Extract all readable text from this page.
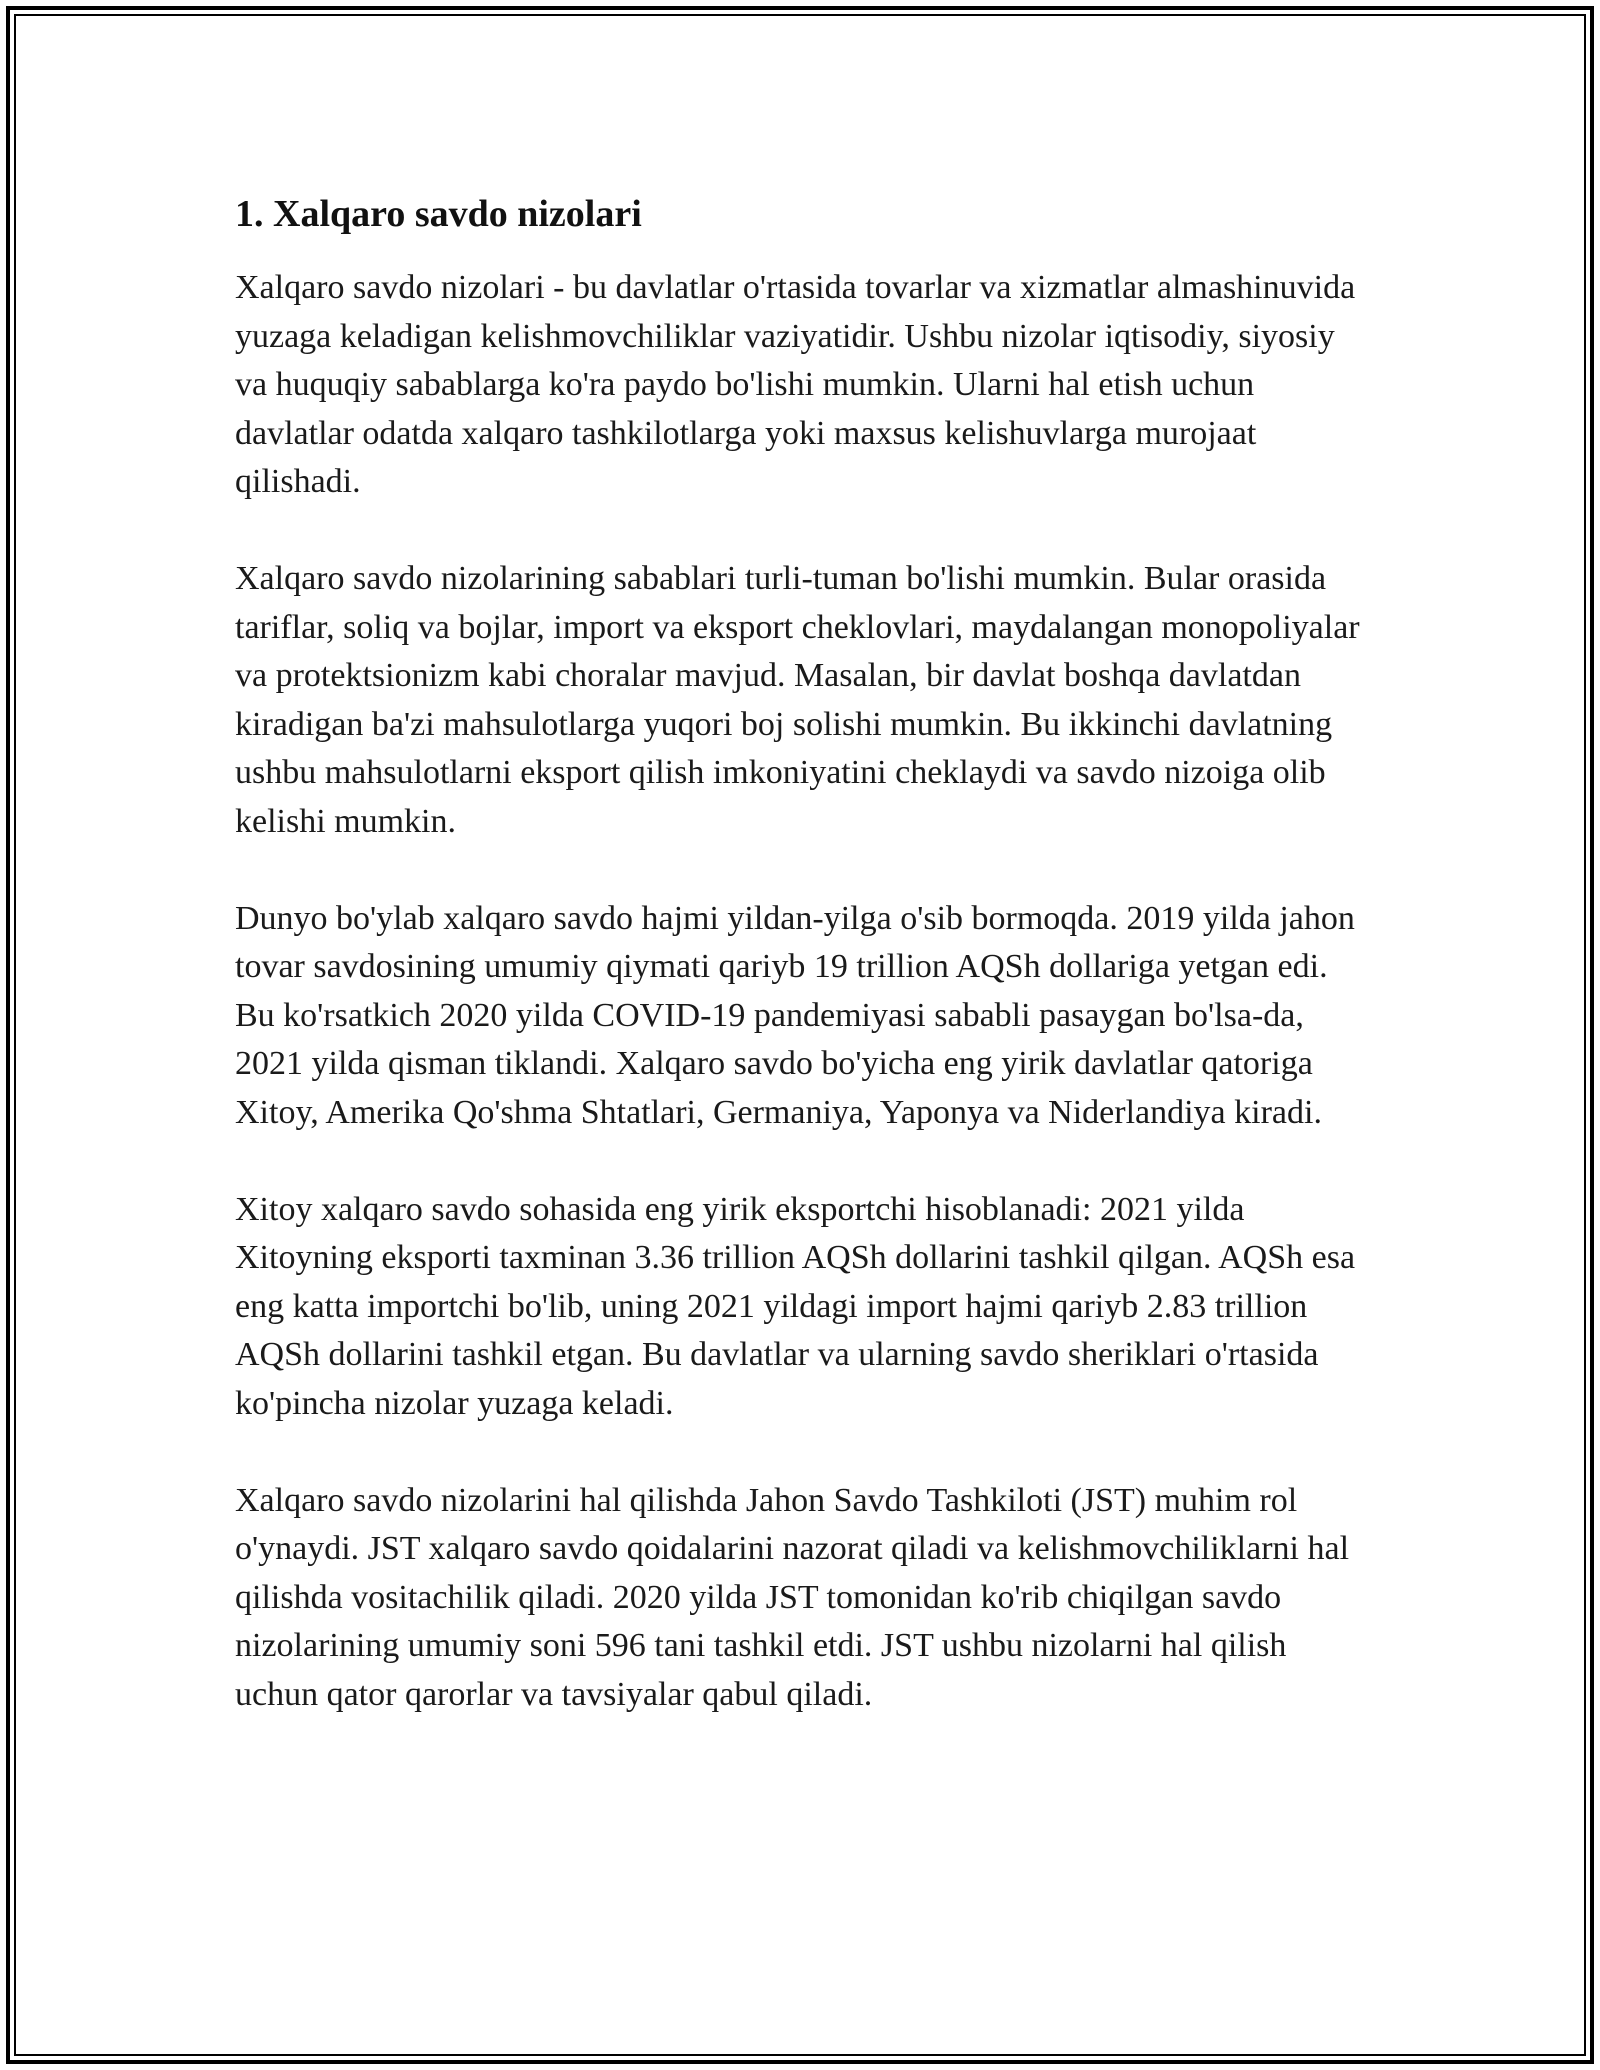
1. Xalqaro savdo nizolari

Xalqaro savdo nizolari - bu davlatlar o'rtasida tovarlar va xizmatlar almashinuvida yuzaga keladigan kelishmovchiliklar vaziyatidir. Ushbu nizolar iqtisodiy, siyosiy va huquqiy sabablarga ko'ra paydo bo'lishi mumkin. Ularni hal etish uchun davlatlar odatda xalqaro tashkilotlarga yoki maxsus kelishuvlarga murojaat qilishadi.

Xalqaro savdo nizolarining sabablari turli-tuman bo'lishi mumkin. Bular orasida tariflar, soliq va bojlar, import va eksport cheklovlari, maydalangan monopoliyalar va protektsionizm kabi choralar mavjud. Masalan, bir davlat boshqa davlatdan kiradigan ba'zi mahsulotlarga yuqori boj solishi mumkin. Bu ikkinchi davlatning ushbu mahsulotlarni eksport qilish imkoniyatini cheklaydi va savdo nizoiga olib kelishi mumkin.

Dunyo bo'ylab xalqaro savdo hajmi yildan-yilga o'sib bormoqda. 2019 yilda jahon tovar savdosining umumiy qiymati qariyb 19 trillion AQSh dollariga yetgan edi. Bu ko'rsatkich 2020 yilda COVID-19 pandemiyasi sababli pasaygan bo'lsa-da, 2021 yilda qisman tiklandi. Xalqaro savdo bo'yicha eng yirik davlatlar qatoriga Xitoy, Amerika Qo'shma Shtatlari, Germaniya, Yaponya va Niderlandiya kiradi.

Xitoy xalqaro savdo sohasida eng yirik eksportchi hisoblanadi: 2021 yilda Xitoyning eksporti taxminan 3.36 trillion AQSh dollarini tashkil qilgan. AQSh esa eng katta importchi bo'lib, uning 2021 yildagi import hajmi qariyb 2.83 trillion AQSh dollarini tashkil etgan. Bu davlatlar va ularning savdo sheriklari o'rtasida ko'pincha nizolar yuzaga keladi.

Xalqaro savdo nizolarini hal qilishda Jahon Savdo Tashkiloti (JST) muhim rol o'ynaydi. JST xalqaro savdo qoidalarini nazorat qiladi va kelishmovchiliklarni hal qilishda vositachilik qiladi. 2020 yilda JST tomonidan ko'rib chiqilgan savdo nizolarining umumiy soni 596 tani tashkil etdi. JST ushbu nizolarni hal qilish uchun qator qarorlar va tavsiyalar qabul qiladi.
